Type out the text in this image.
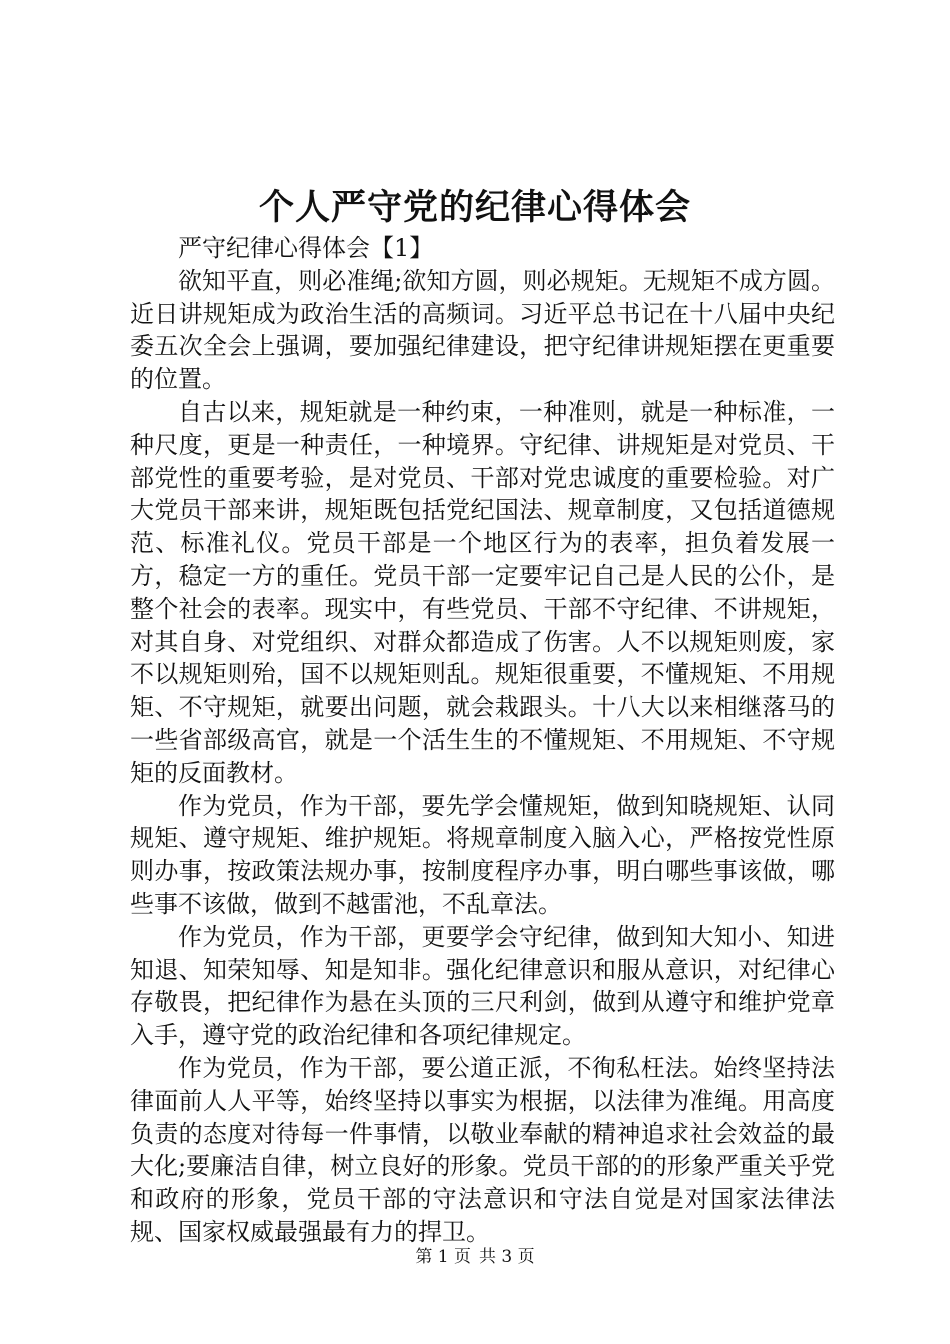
个人严守党的纪律心得体会

严守纪律心得体会【1】

欲知平直，则必准绳;欲知方圆，则必规矩。无规矩不成方圆。近日讲规矩成为政治生活的高频词。习近平总书记在十八届中央纪委五次全会上强调，要加强纪律建设，把守纪律讲规矩摆在更重要的位置。

自古以来，规矩就是一种约束，一种准则，就是一种标准，一种尺度，更是一种责任，一种境界。守纪律、讲规矩是对党员、干部党性的重要考验，是对党员、干部对党忠诚度的重要检验。对广大党员干部来讲，规矩既包括党纪国法、规章制度，又包括道德规范、标准礼仪。党员干部是一个地区行为的表率，担负着发展一方，稳定一方的重任。党员干部一定要牢记自己是人民的公仆，是整个社会的表率。现实中，有些党员、干部不守纪律、不讲规矩，对其自身、对党组织、对群众都造成了伤害。人不以规矩则废，家不以规矩则殆，国不以规矩则乱。规矩很重要，不懂规矩、不用规矩、不守规矩，就要出问题，就会栽跟头。十八大以来相继落马的一些省部级高官，就是一个活生生的不懂规矩、不用规矩、不守规矩的反面教材。

作为党员，作为干部，要先学会懂规矩，做到知晓规矩、认同规矩、遵守规矩、维护规矩。将规章制度入脑入心，严格按党性原则办事，按政策法规办事，按制度程序办事，明白哪些事该做，哪些事不该做，做到不越雷池，不乱章法。

作为党员，作为干部，更要学会守纪律，做到知大知小、知进知退、知荣知辱、知是知非。强化纪律意识和服从意识，对纪律心存敬畏，把纪律作为悬在头顶的三尺利剑，做到从遵守和维护党章入手，遵守党的政治纪律和各项纪律规定。

作为党员，作为干部，要公道正派，不徇私枉法。始终坚持法律面前人人平等，始终坚持以事实为根据，以法律为准绳。用高度负责的态度对待每一件事情，以敬业奉献的精神追求社会效益的最大化;要廉洁自律，树立良好的形象。党员干部的的形象严重关乎党和政府的形象，党员干部的守法意识和守法自觉是对国家法律法规、国家权威最强最有力的捍卫。

第 1 页 共 3 页
